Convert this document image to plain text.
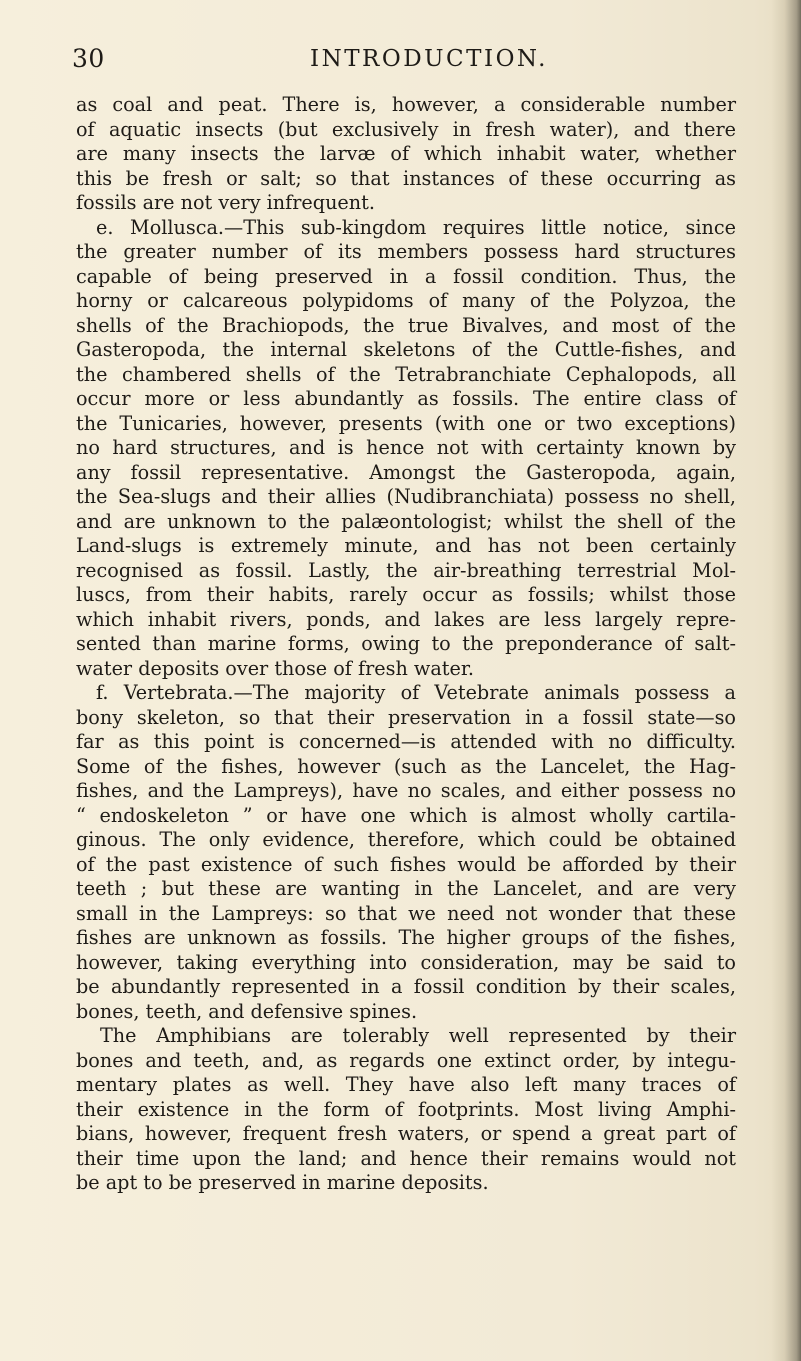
30	INTRODUCTION.
as coal and peat. There is, however, a considerable number
of aquatic insects (but exclusively in fresh water), and there
are many insects the larvæ of which inhabit water, whether
this be fresh or salt; so that instances of these occurring as
fossils are not very infrequent.
e. Mollusca.—This sub-kingdom requires little notice, since
the greater number of its members possess hard structures
capable of being preserved in a fossil condition. Thus, the
horny or calcareous polypidoms of many of the Polyzoa, the
shells of the Brachiopods, the true Bivalves, and most of the
Gasteropoda, the internal skeletons of the Cuttle-fishes, and
the chambered shells of the Tetrabranchiate Cephalopods, all
occur more or less abundantly as fossils. The entire class of
the Tunicaries, however, presents (with one or two exceptions)
no hard structures, and is hence not with certainty known by
any fossil representative. Amongst the Gasteropoda, again,
the Sea-slugs and their allies (Nudibranchiata) possess no shell,
and are unknown to the palæontologist; whilst the shell of the
Land-slugs is extremely minute, and has not been certainly
recognised as fossil. Lastly, the air-breathing terrestrial Mol-
luscs, from their habits, rarely occur as fossils; whilst those
which inhabit rivers, ponds, and lakes are less largely repre-
sented than marine forms, owing to the preponderance of salt-
water deposits over those of fresh water.
f. Vertebrata.—The majority of Vetebrate animals possess a
bony skeleton, so that their preservation in a fossil state—so
far as this point is concerned—is attended with no difficulty.
Some of the fishes, however (such as the Lancelet, the Hag-
fishes, and the Lampreys), have no scales, and either possess no
“ endoskeleton ” or have one which is almost wholly cartila-
ginous. The only evidence, therefore, which could be obtained
of the past existence of such fishes would be afforded by their
teeth ; but these are wanting in the Lancelet, and are very
small in the Lampreys: so that we need not wonder that these
fishes are unknown as fossils. The higher groups of the fishes,
however, taking everything into consideration, may be said to
be abundantly represented in a fossil condition by their scales,
bones, teeth, and defensive spines.
The Amphibians are tolerably well represented by their
bones and teeth, and, as regards one extinct order, by integu-
mentary plates as well. They have also left many traces of
their existence in the form of footprints. Most living Amphi-
bians, however, frequent fresh waters, or spend a great part of
their time upon the land; and hence their remains would not
be apt to be preserved in marine deposits.
